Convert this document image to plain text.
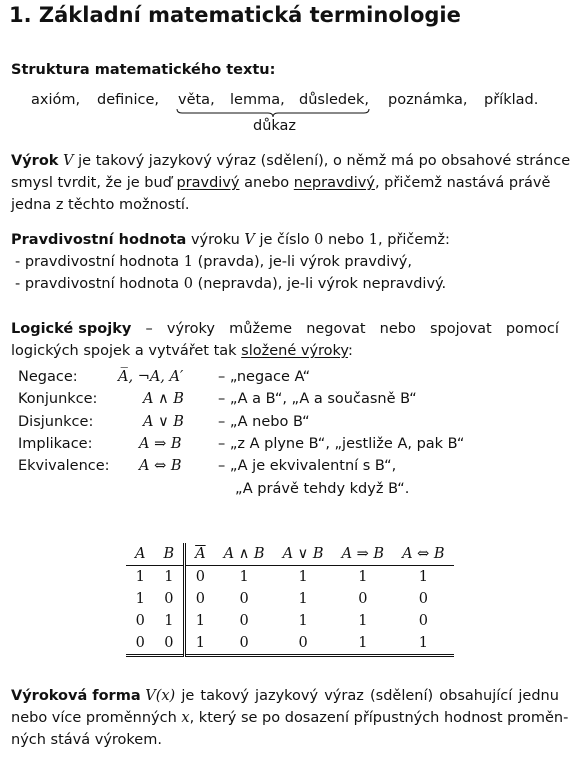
1. Základní matematická terminologie
Struktura matematického textu:
axióm, definice, věta, lemma, důsledek, poznámka, příklad.
důkaz
Výrok V je takový jazykový výraz (sdělení), o němž má po obsahové stránce
smysl tvrdit, že je buď pravdivý anebo nepravdivý, přičemž nastává právě
jedna z těchto možností.
Pravdivostní hodnota výroku V je číslo 0 nebo 1, přičemž:
- pravdivostní hodnota 1 (pravda), je-li výrok pravdivý,
- pravdivostní hodnota 0 (nepravda), je-li výrok nepravdivý.
Logické spojky – výroky můžeme negovat nebo spojovat pomocí
logických spojek a vytvářet tak složené výroky:
Negace:	A̅, ¬A, A′ – „negace A“
Konjunkce:	A ∧ B – „A a B“, „A a současně B“
Disjunkce:	A ∨ B – „A nebo B“
Implikace:	A ⇒ B	– „z A plyne B“, „jestliže A, pak B“
Ekvivalence: A ⇔ B	– „A je ekvivalentní s B“,
„A právě tehdy když B“.
A	B	$\overline{A}$	A ∧ B	A ∨ B	A ⇒ B	A ⇔ B
1	1	0	1	1	1	1
1	0	0	0	1	0	0
0	1	1	0	1	1	0
0	0	1	0	0	1	1
Výroková forma V(x) je takový jazykový výraz (sdělení) obsahující jednu
nebo více proměnných x, který se po dosazení přípustných hodnost proměn-
ných stává výrokem.
